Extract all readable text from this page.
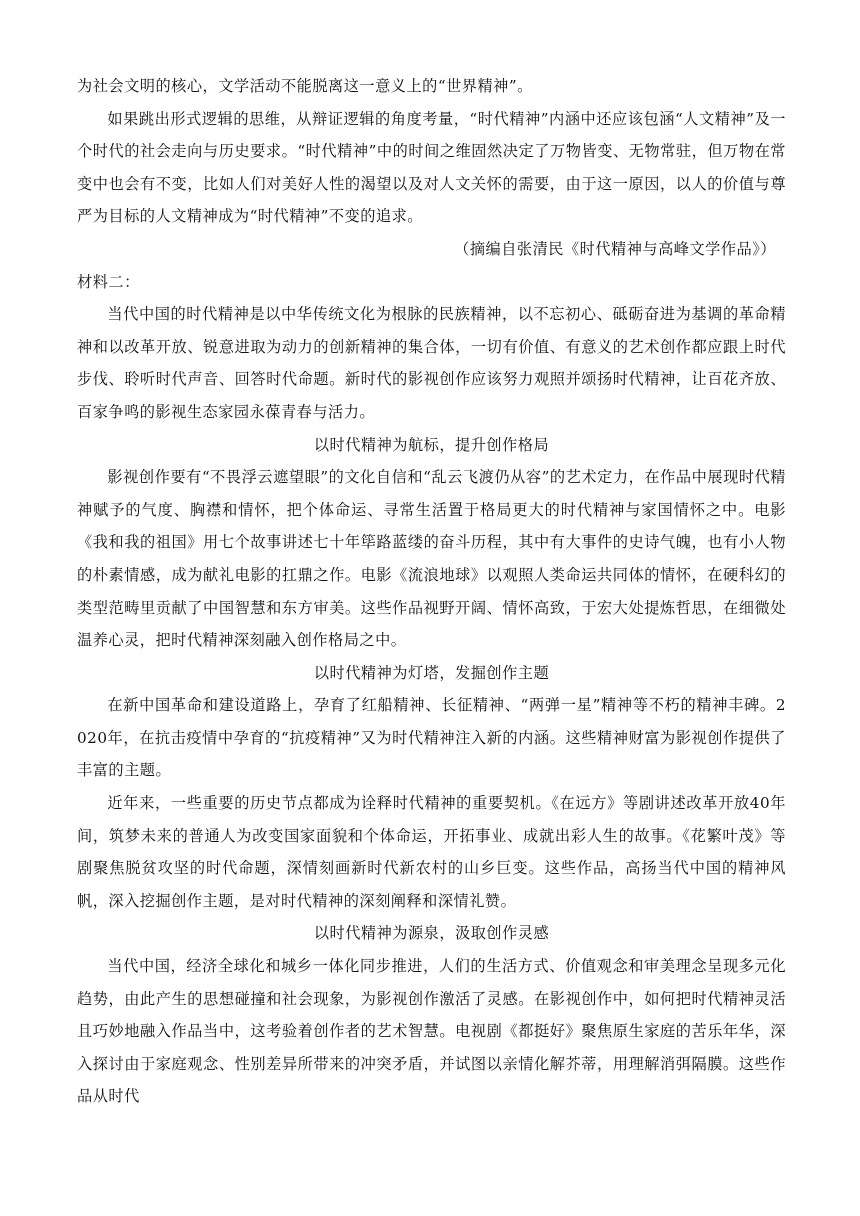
为社会文明的核心，文学活动不能脱离这一意义上的“世界精神”。

如果跳出形式逻辑的思维，从辩证逻辑的角度考量，“时代精神”内涵中还应该包涵“人文精神”及一个时代的社会走向与历史要求。“时代精神”中的时间之维固然决定了万物皆变、无物常驻，但万物在常变中也会有不变，比如人们对美好人性的渴望以及对人文关怀的需要，由于这一原因，以人的价值与尊严为目标的人文精神成为“时代精神”不变的追求。

（摘编自张清民《时代精神与高峰文学作品》）

材料二：

当代中国的时代精神是以中华传统文化为根脉的民族精神，以不忘初心、砥砺奋进为基调的革命精神和以改革开放、锐意进取为动力的创新精神的集合体，一切有价值、有意义的艺术创作都应跟上时代步伐、聆听时代声音、回答时代命题。新时代的影视创作应该努力观照并颂扬时代精神，让百花齐放、百家争鸣的影视生态家园永葆青春与活力。

以时代精神为航标，提升创作格局

影视创作要有“不畏浮云遮望眼”的文化自信和“乱云飞渡仍从容”的艺术定力，在作品中展现时代精神赋予的气度、胸襟和情怀，把个体命运、寻常生活置于格局更大的时代精神与家国情怀之中。电影《我和我的祖国》用七个故事讲述七十年筚路蓝缕的奋斗历程，其中有大事件的史诗气魄，也有小人物的朴素情感，成为献礼电影的扛鼎之作。电影《流浪地球》以观照人类命运共同体的情怀，在硬科幻的类型范畴里贡献了中国智慧和东方审美。这些作品视野开阔、情怀高致，于宏大处提炼哲思，在细微处温养心灵，把时代精神深刻融入创作格局之中。

以时代精神为灯塔，发掘创作主题

在新中国革命和建设道路上，孕育了红船精神、长征精神、“两弹一星”精神等不朽的精神丰碑。2020年，在抗击疫情中孕育的“抗疫精神”又为时代精神注入新的内涵。这些精神财富为影视创作提供了丰富的主题。

近年来，一些重要的历史节点都成为诠释时代精神的重要契机。《在远方》等剧讲述改革开放40年间，筑梦未来的普通人为改变国家面貌和个体命运，开拓事业、成就出彩人生的故事。《花繁叶茂》等剧聚焦脱贫攻坚的时代命题，深情刻画新时代新农村的山乡巨变。这些作品，高扬当代中国的精神风帆，深入挖掘创作主题，是对时代精神的深刻阐释和深情礼赞。

以时代精神为源泉，汲取创作灵感

当代中国，经济全球化和城乡一体化同步推进，人们的生活方式、价值观念和审美理念呈现多元化趋势，由此产生的思想碰撞和社会现象，为影视创作激活了灵感。在影视创作中，如何把时代精神灵活且巧妙地融入作品当中，这考验着创作者的艺术智慧。电视剧《都挺好》聚焦原生家庭的苦乐年华，深入探讨由于家庭观念、性别差异所带来的冲突矛盾，并试图以亲情化解芥蒂，用理解消弭隔膜。这些作品从时代
